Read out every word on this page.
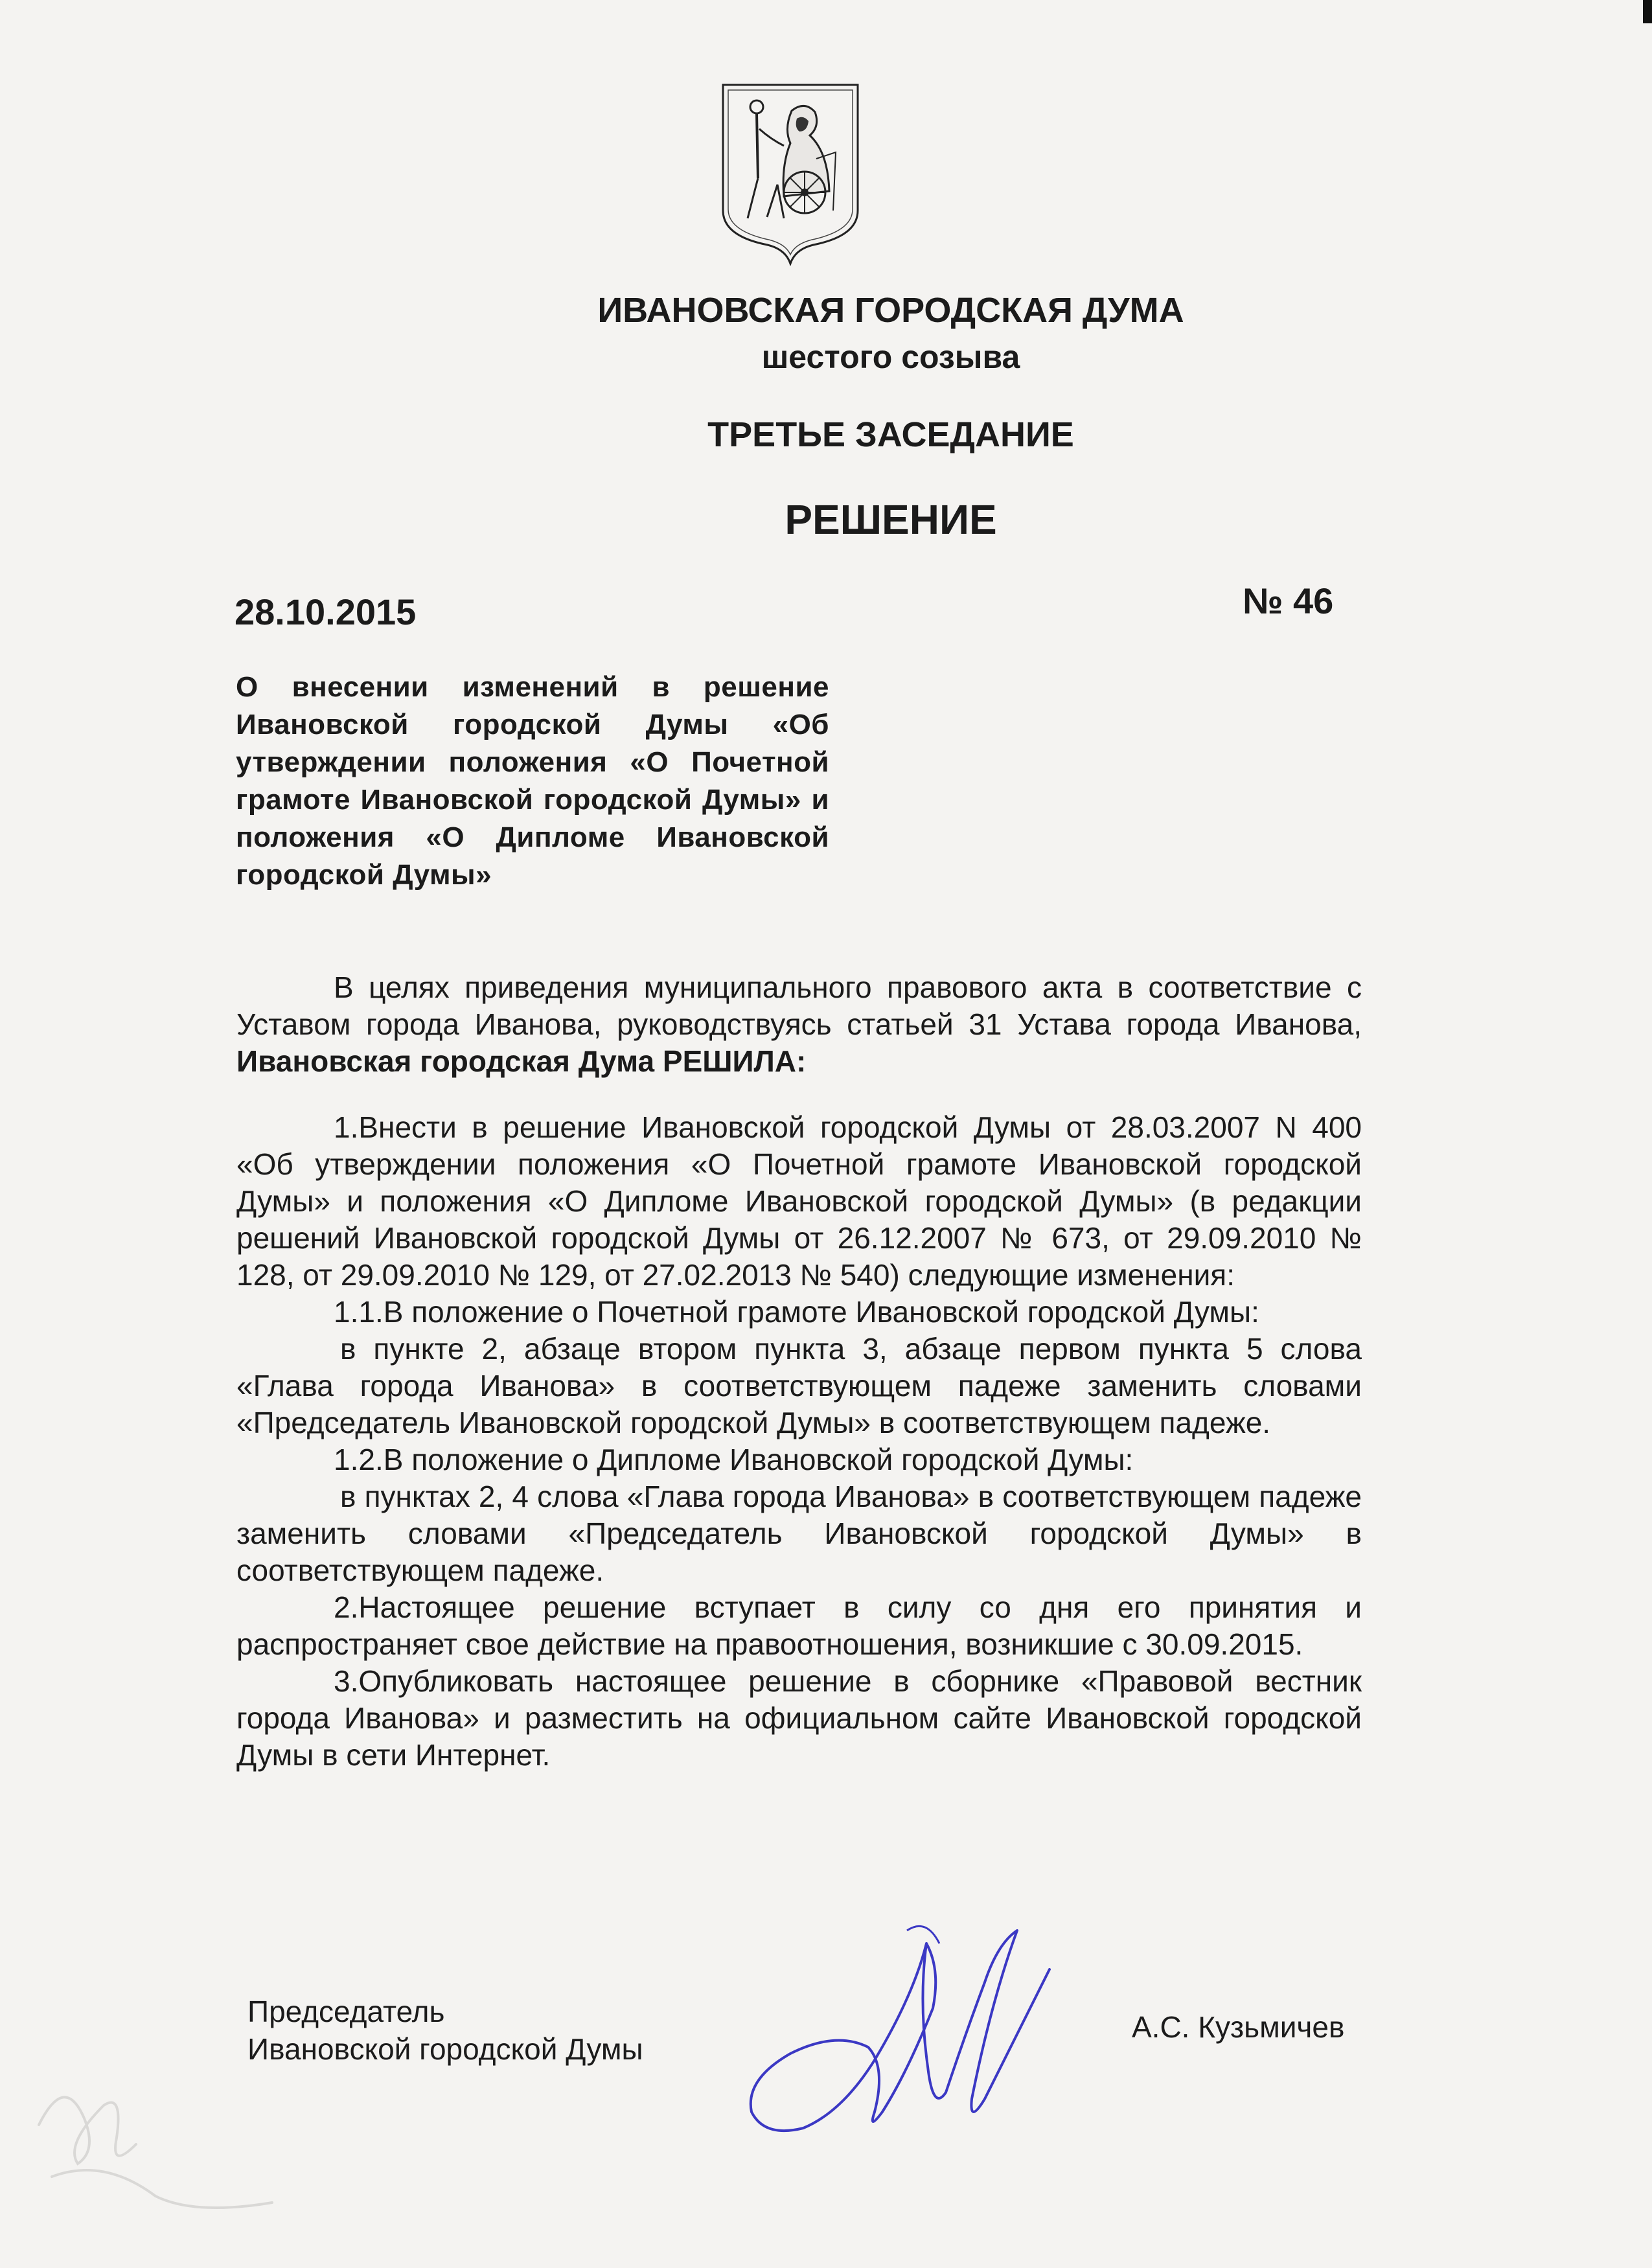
ИВАНОВСКАЯ ГОРОДСКАЯ ДУМА
шестого созыва
ТРЕТЬЕ ЗАСЕДАНИЕ
РЕШЕНИЕ
28.10.2015	№ 46
О внесении изменений в решение Ивановской городской Думы «Об утверждении положения «О Почетной грамоте Ивановской городской Думы» и положения «О Дипломе Ивановской городской Думы»

В целях приведения муниципального правового акта в соответствие с Уставом города Иванова, руководствуясь статьей 31 Устава города Иванова, Ивановская городская Дума РЕШИЛА:

1.Внести в решение Ивановской городской Думы от 28.03.2007 N 400 «Об утверждении положения «О Почетной грамоте Ивановской городской Думы» и положения «О Дипломе Ивановской городской Думы» (в редакции решений Ивановской городской Думы от 26.12.2007 № 673, от 29.09.2010 № 128, от 29.09.2010 № 129, от 27.02.2013 № 540) следующие изменения:

1.1.В положение о Почетной грамоте Ивановской городской Думы:

в пункте 2, абзаце втором пункта 3, абзаце первом пункта 5 слова «Глава города Иванова» в соответствующем падеже заменить словами «Председатель Ивановской городской Думы» в соответствующем падеже.

1.2.В положение о Дипломе Ивановской городской Думы:

в пунктах 2, 4 слова «Глава города Иванова» в соответствующем падеже заменить словами «Председатель Ивановской городской Думы» в соответствующем падеже.

2.Настоящее решение вступает в силу со дня его принятия и распространяет свое действие на правоотношения, возникшие с 30.09.2015.

3.Опубликовать настоящее решение в сборнике «Правовой вестник города Иванова» и разместить на официальном сайте Ивановской городской Думы в сети Интернет.

Председатель
Ивановской городской Думы
А.С. Кузьмичев
